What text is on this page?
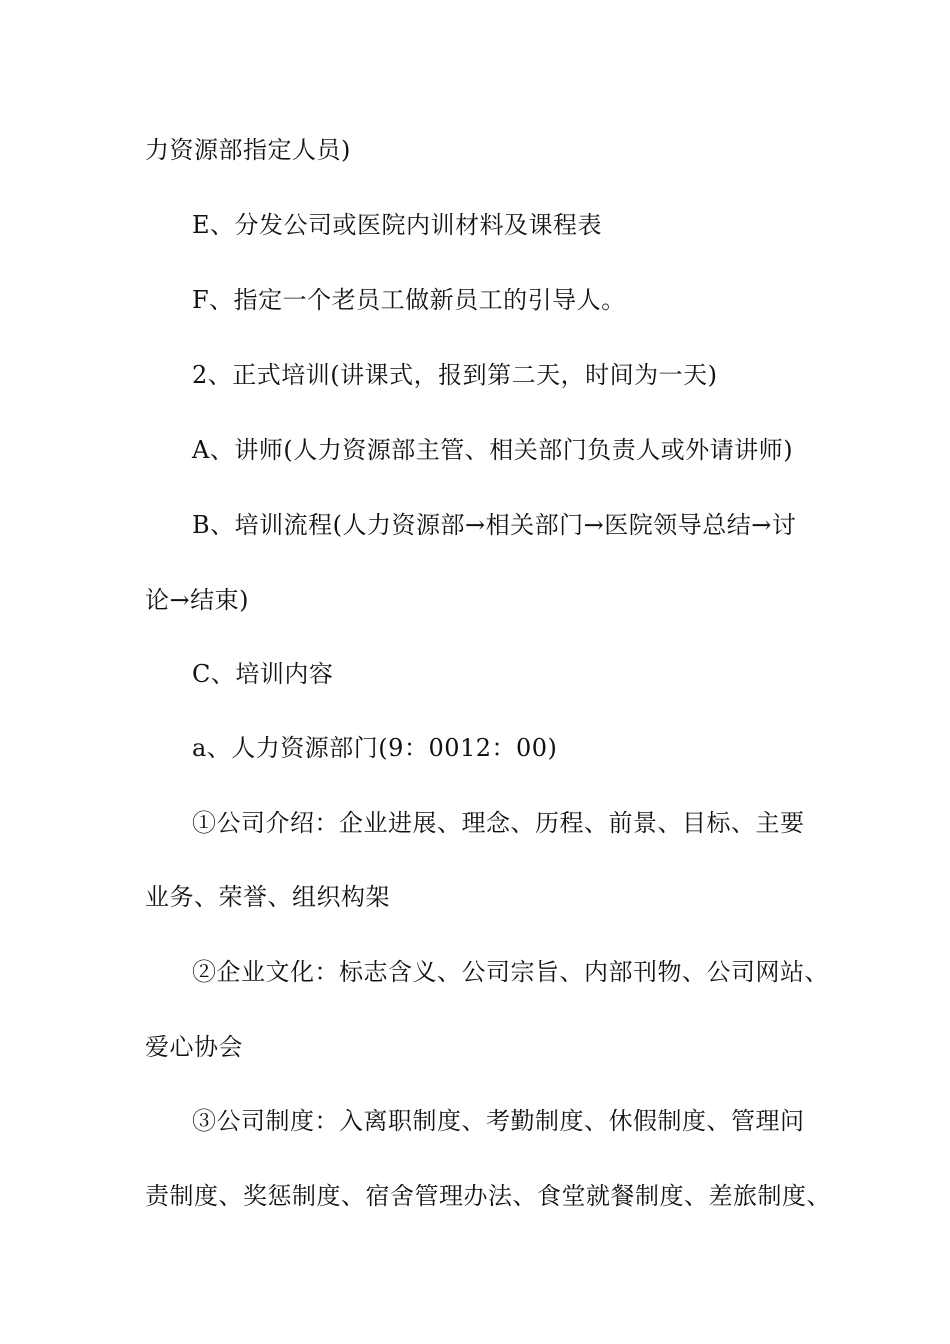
力资源部指定人员)
E、分发公司或医院内训材料及课程表
F、指定一个老员工做新员工的引导人。
2、正式培训(讲课式，报到第二天，时间为一天)
A、讲师(人力资源部主管、相关部门负责人或外请讲师)
B、培训流程(人力资源部→相关部门→医院领导总结→讨
论→结束)
C、培训内容
a、人力资源部门(9：0012：00)
①公司介绍：企业进展、理念、历程、前景、目标、主要
业务、荣誉、组织构架
②企业文化：标志含义、公司宗旨、内部刊物、公司网站、
爱心协会
③公司制度：入离职制度、考勤制度、休假制度、管理问
责制度、奖惩制度、宿舍管理办法、食堂就餐制度、差旅制度、
